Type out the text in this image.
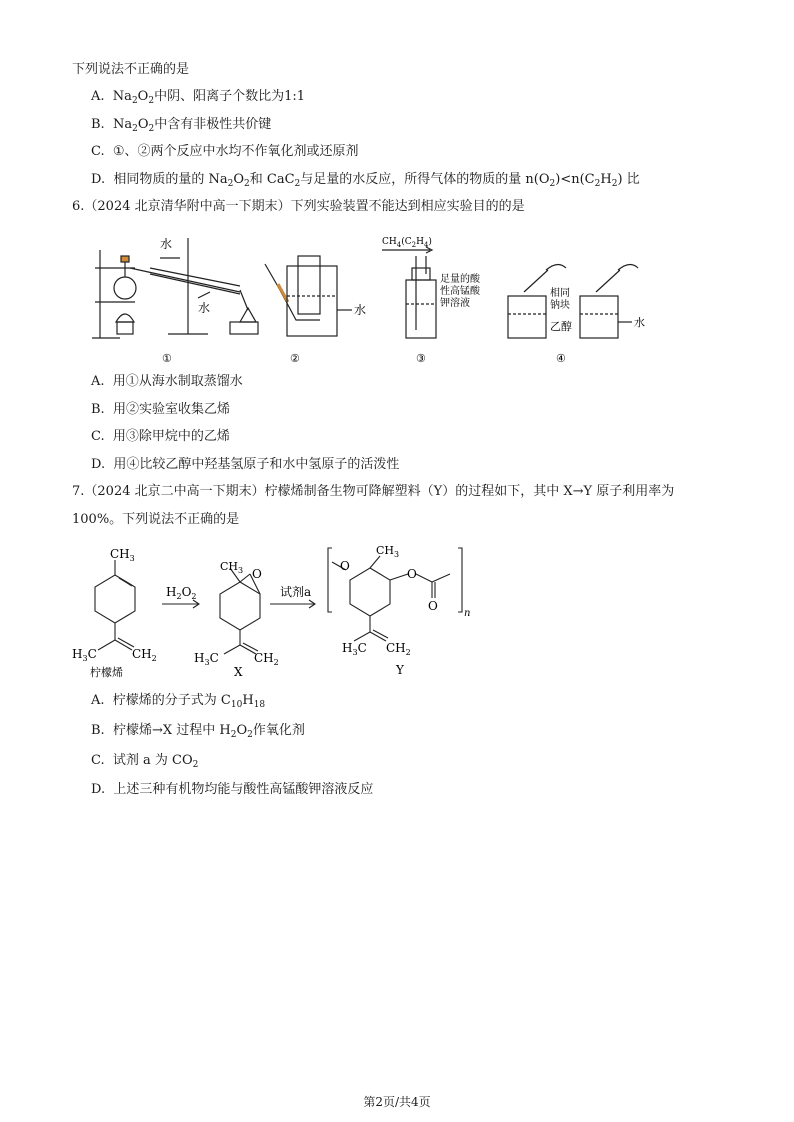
下列说法不正确的是
A. $Na_2O_2$中阴、阳离子个数比为1:1
B. $Na_2O_2$中含有非极性共价键
C. ①、②两个反应中水均不作氧化剂或还原剂
D. 相同物质的量的 $Na_2O_2$和 CaC$_2$与足量的水反应，所得气体的物质的量 $n(O_2)<n(C_2H_2)$ 比
6.（2024 北京清华附中高一下期末）下列实验装置不能达到相应实验目的的是
水
水	水
$CH_4(C_2H_4)$
足量的酸
性高锰酸
钾溶液
相同
钠块
乙醇	水
①	②	③	④
A. 用①从海水制取蒸馏水
B. 用②实验室收集乙烯
C. 用③除甲烷中的乙烯
D. 用④比较乙醇中羟基氢原子和水中氢原子的活泼性
7.（2024 北京二中高一下期末）柠檬烯制备生物可降解塑料（Y）的过程如下，其中 X→Y 原子利用率为
100%。下列说法不正确的是
$CH_3$
$H_3C$	$CH_2$
柠檬烯
$H_2O_2$
$CH_3$ O
$H_3C$	$CH_2$
X
试剂a
O
$CH_3$
O
O
n
$H_3C$ $CH_2$
Y
A. 柠檬烯的分子式为 $C_{10}H_{18}$
B. 柠檬烯→X 过程中 $H_2O_2$作氧化剂
C. 试剂 a 为 $CO_2$
D. 上述三种有机物均能与酸性高锰酸钾溶液反应
第2页/共4页
